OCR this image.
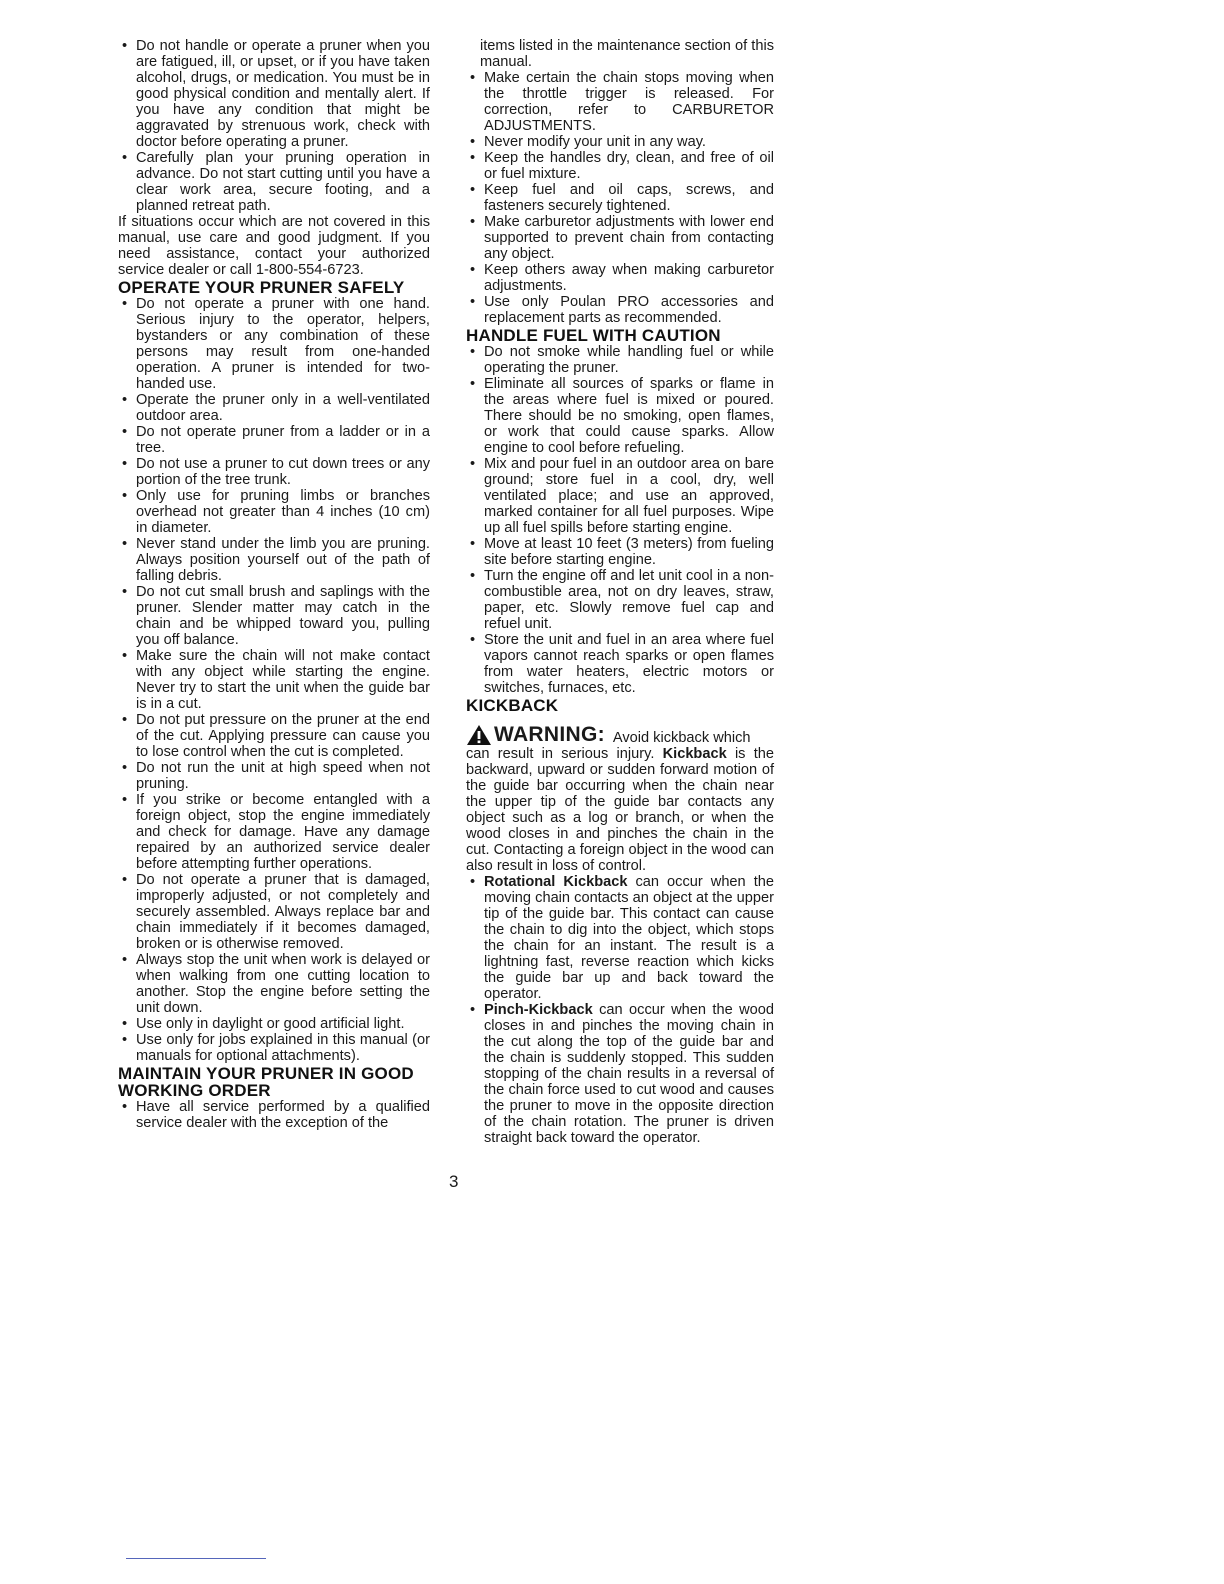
• Do not handle or operate a pruner when you are fatigued, ill, or upset, or if you have taken alcohol, drugs, or medication. You must be in good physical condition and mentally alert. If you have any condition that might be aggravated by strenuous work, check with doctor before operating a pruner.
• Carefully plan your pruning operation in advance. Do not start cutting until you have a clear work area, secure footing, and a planned retreat path.

If situations occur which are not covered in this manual, use care and good judgment. If you need assistance, contact your authorized service dealer or call 1-800-554-6723.

OPERATE YOUR PRUNER SAFELY
• Do not operate a pruner with one hand. Serious injury to the operator, helpers, bystanders or any combination of these persons may result from one-handed operation. A pruner is intended for two-handed use.
• Operate the pruner only in a well-ventilated outdoor area.
• Do not operate pruner from a ladder or in a tree.
• Do not use a pruner to cut down trees or any portion of the tree trunk.
• Only use for pruning limbs or branches overhead not greater than 4 inches (10 cm) in diameter.
• Never stand under the limb you are pruning. Always position yourself out of the path of falling debris.
• Do not cut small brush and saplings with the pruner. Slender matter may catch in the chain and be whipped toward you, pulling you off balance.
• Make sure the chain will not make contact with any object while starting the engine. Never try to start the unit when the guide bar is in a cut.
• Do not put pressure on the pruner at the end of the cut. Applying pressure can cause you to lose control when the cut is completed.
• Do not run the unit at high speed when not pruning.
• If you strike or become entangled with a foreign object, stop the engine immediately and check for damage. Have any damage repaired by an authorized service dealer before attempting further operations.
• Do not operate a pruner that is damaged, improperly adjusted, or not completely and securely assembled. Always replace bar and chain immediately if it becomes damaged, broken or is otherwise removed.
• Always stop the unit when work is delayed or when walking from one cutting location to another. Stop the engine before setting the unit down.
• Use only in daylight or good artificial light.
• Use only for jobs explained in this manual (or manuals for optional attachments).
MAINTAIN YOUR PRUNER IN GOOD WORKING ORDER
• Have all service performed by a qualified service dealer with the exception of the
items listed in the maintenance section of this manual.
• Make certain the chain stops moving when the throttle trigger is released. For correction, refer to CARBURETOR ADJUSTMENTS.
• Never modify your unit in any way.
• Keep the handles dry, clean, and free of oil or fuel mixture.
• Keep fuel and oil caps, screws, and fasteners securely tightened.
• Make carburetor adjustments with lower end supported to prevent chain from contacting any object.
• Keep others away when making carburetor adjustments.
• Use only Poulan PRO accessories and replacement parts as recommended.
HANDLE FUEL WITH CAUTION
• Do not smoke while handling fuel or while operating the pruner.
• Eliminate all sources of sparks or flame in the areas where fuel is mixed or poured. There should be no smoking, open flames, or work that could cause sparks. Allow engine to cool before refueling.
• Mix and pour fuel in an outdoor area on bare ground; store fuel in a cool, dry, well ventilated place; and use an approved, marked container for all fuel purposes. Wipe up all fuel spills before starting engine.
• Move at least 10 feet (3 meters) from fueling site before starting engine.
• Turn the engine off and let unit cool in a non-combustible area, not on dry leaves, straw, paper, etc. Slowly remove fuel cap and refuel unit.
• Store the unit and fuel in an area where fuel vapors cannot reach sparks or open flames from water heaters, electric motors or switches, furnaces, etc.
KICKBACK
WARNING: Avoid kickback which

can result in serious injury. Kickback is the backward, upward or sudden forward motion of the guide bar occurring when the chain near the upper tip of the guide bar contacts any object such as a log or branch, or when the wood closes in and pinches the chain in the cut. Contacting a foreign object in the wood can also result in loss of control.

• Rotational Kickback can occur when the moving chain contacts an object at the upper tip of the guide bar. This contact can cause the chain to dig into the object, which stops the chain for an instant. The result is a lightning fast, reverse reaction which kicks the guide bar up and back toward the operator.
• Pinch-Kickback can occur when the wood closes in and pinches the moving chain in the cut along the top of the guide bar and the chain is suddenly stopped. This sudden stopping of the chain results in a reversal of the chain force used to cut wood and causes the pruner to move in the opposite direction of the chain rotation. The pruner is driven straight back toward the operator.
3
